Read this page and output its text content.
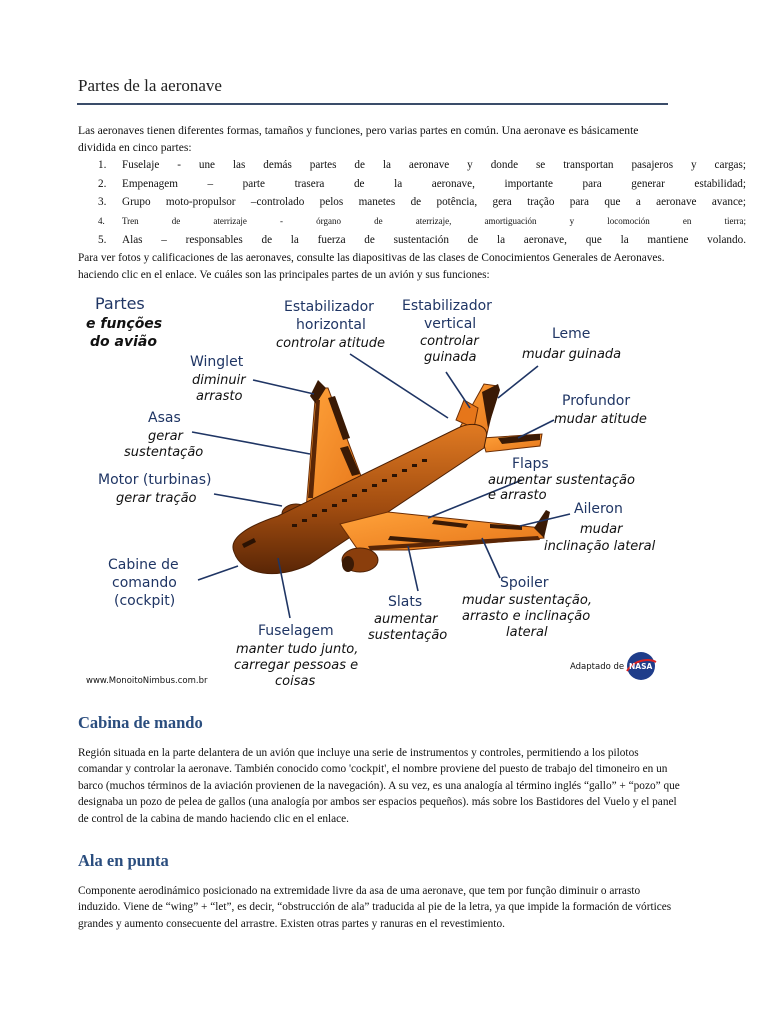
Partes de la aeronave
Las aeronaves tienen diferentes formas, tamaños y funciones, pero varias partes en común. Una aeronave es básicamente dividida en cinco partes:
1.	Fuselaje - une las demás partes de la aeronave y donde se transportan pasajeros y cargas;
2.	Empenagem – parte trasera de la aeronave, importante para generar estabilidad;
3.	Grupo moto-propulsor –controlado pelos manetes de potência, gera tração para que a aeronave avance;
4.	Tren de aterrizaje - órgano de aterrizaje, amortiguación y locomoción en tierra;
5.	Alas – responsables de la fuerza de sustentación de la aeronave, que la mantiene volando.
Para ver fotos y calificaciones de las aeronaves, consulte las diapositivas de las clases de Conocimientos Generales de Aeronaves. haciendo clic en el enlace. Ve cuáles son las principales partes de un avión y sus funciones:
Partes
e funções
do avião
Winglet
diminuir
arrasto
Asas
gerar
sustentação
Motor (turbinas)
gerar tração
Cabine de
comando
(cockpit)
Fuselagem
manter tudo junto,
carregar pessoas e
coisas
Slats
aumentar
sustentação
Spoiler
mudar sustentação,
arrasto e inclinação
lateral
Aileron
mudar
inclinação lateral
Flaps
aumentar sustentação
e arrasto
Profundor
mudar atitude
Leme
mudar guinada
Estabilizador
vertical
controlar
guinada
Estabilizador
horizontal
controlar atitude
www.MonoitoNimbus.com.br
Adaptado de NASA
Cabina de mando
Región situada en la parte delantera de un avión que incluye una serie de instrumentos y controles, permitiendo a los pilotos comandar y controlar la aeronave. También conocido como 'cockpit', el nombre proviene del puesto de trabajo del timoneiro en un barco (muchos términos de la aviación provienen de la navegación). A su vez, es una analogía al término inglés “gallo” + “pozo” que designaba un pozo de pelea de gallos (una analogía por ambos ser espacios pequeños). más sobre los Bastidores del Vuelo y el panel de control de la cabina de mando haciendo clic en el enlace.
Ala en punta
Componente aerodinámico posicionado na extremidade livre da asa de uma aeronave, que tem por função diminuir o arrasto induzido. Viene de “wing” + “let”, es decir, “obstrucción de ala” traducida al pie de la letra, ya que impide la formación de vórtices grandes y aumento consecuente del arrastre. Existen otras partes y ranuras en el revestimiento.
